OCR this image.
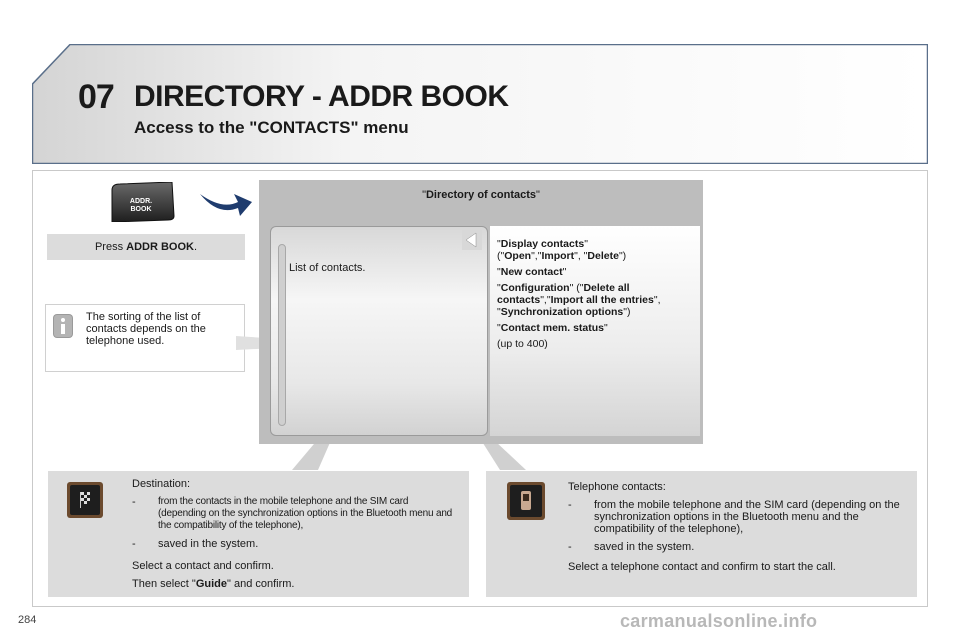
07 DIRECTORY - ADDR BOOK
Access to the "CONTACTS" menu
ADDR.
BOOK
Press ADDR BOOK.
The sorting of the list of contacts depends on the telephone used.
"Directory of contacts"
List of contacts.

"Display contacts"
("Open","Import", "Delete")

"New contact"

"Configuration" ("Delete all contacts","Import all the entries", "Synchronization options")

"Contact mem. status"

(up to 400)

Destination:
-	from the contacts in the mobile telephone and the SIM card (depending on the synchronization options in the Bluetooth menu and the compatibility of the telephone),
-	saved in the system.
Select a contact and confirm.
Then select "Guide" and confirm.
Telephone contacts:
-	from the mobile telephone and the SIM card (depending on the synchronization options in the Bluetooth menu and the compatibility of the telephone),
-	saved in the system.
Select a telephone contact and confirm to start the call.
284	carmanualsonline.info
